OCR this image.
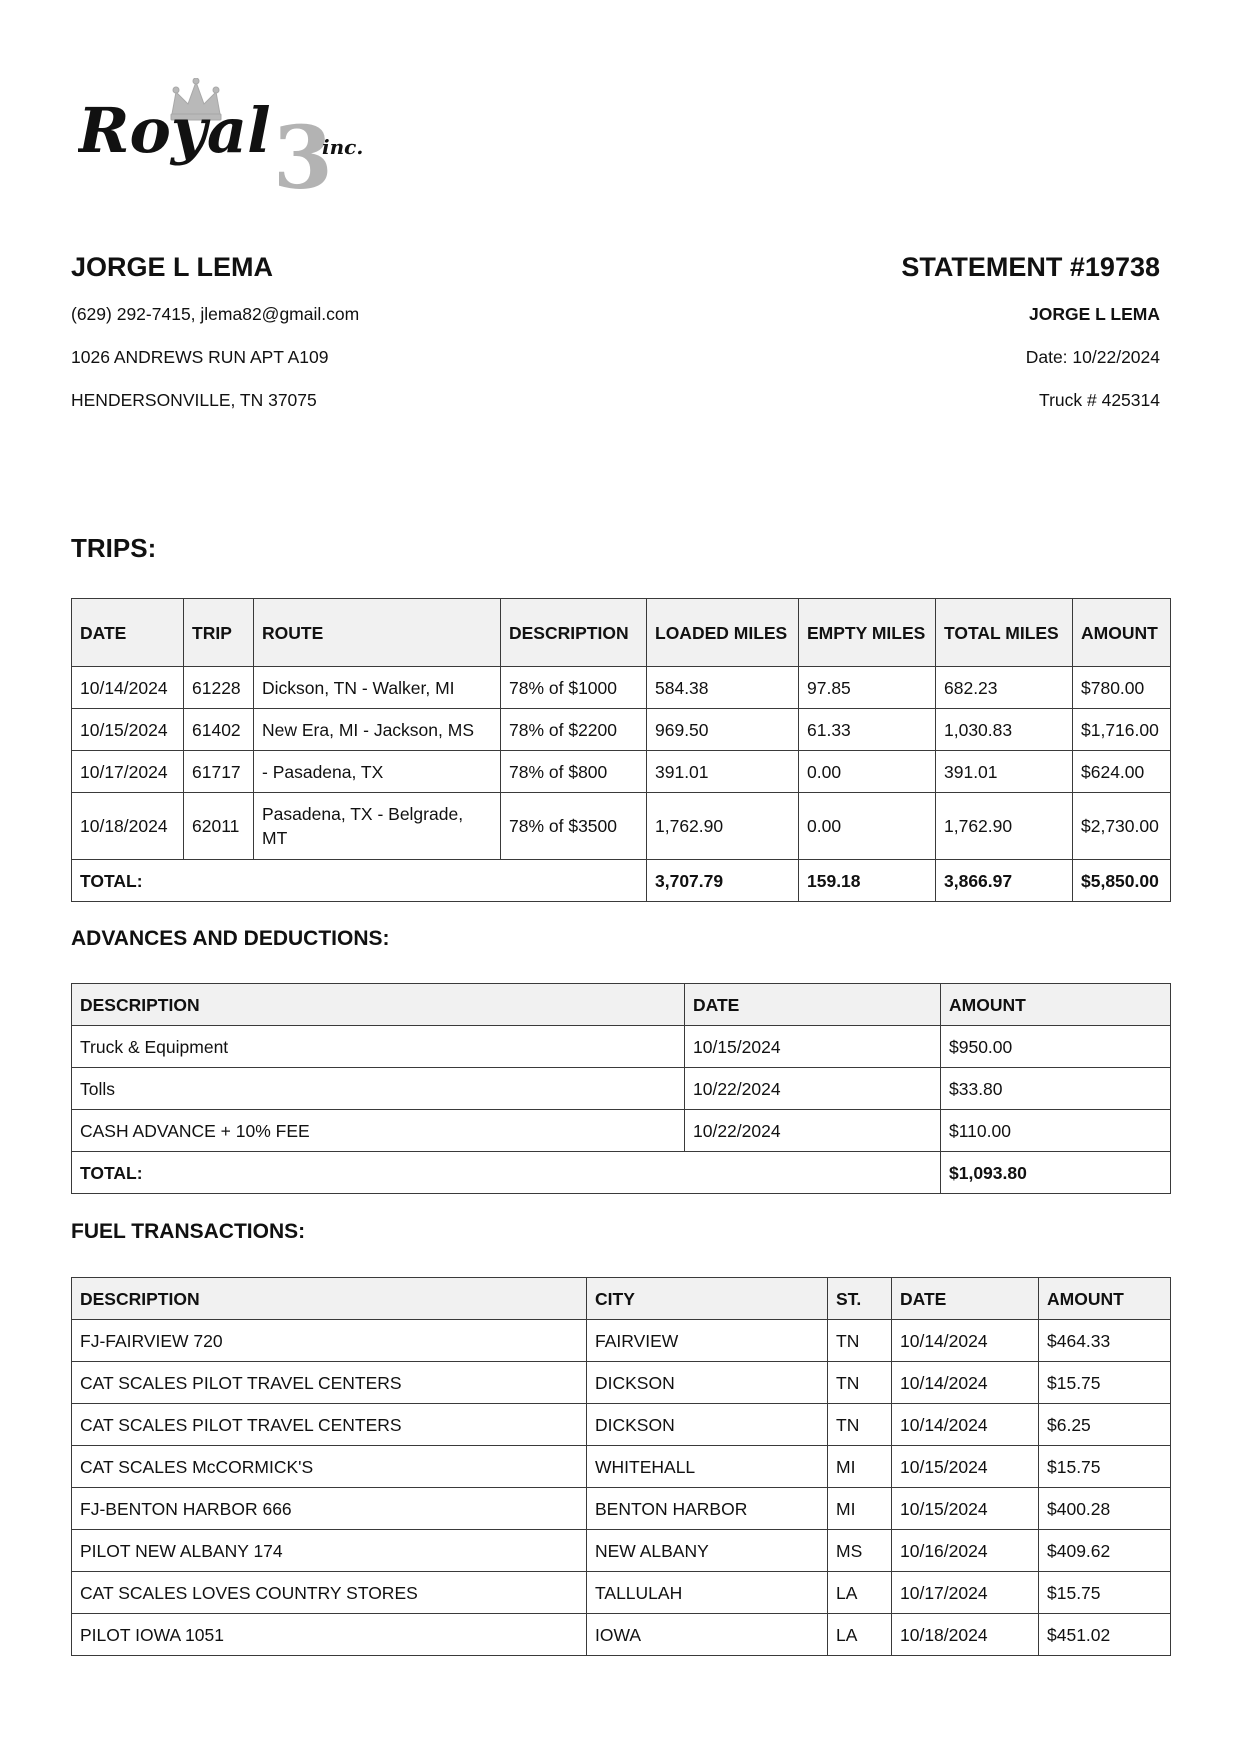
3
Royal	inc.
JORGE L LEMA
(629) 292-7415, jlema82@gmail.com
1026 ANDREWS RUN APT A109
HENDERSONVILLE, TN 37075
STATEMENT #19738
JORGE L LEMA
Date: 10/22/2024
Truck # 425314
TRIPS:
DATE	TRIP	ROUTE	DESCRIPTION	LOADED MILES	EMPTY MILES	TOTAL MILES	AMOUNT
10/14/2024	61228	Dickson, TN - Walker, MI	78% of $1000	584.38	97.85	682.23	$780.00
10/15/2024	61402	New Era, MI - Jackson, MS	78% of $2200	969.50	61.33	1,030.83	$1,716.00
10/17/2024	61717	- Pasadena, TX	78% of $800	391.01	0.00	391.01	$624.00
10/18/2024	62011	Pasadena, TX - Belgrade, MT	78% of $3500	1,762.90	0.00	1,762.90	$2,730.00
TOTAL:				3,707.79	159.18	3,866.97	$5,850.00
ADVANCES AND DEDUCTIONS:
DESCRIPTION	DATE	AMOUNT
Truck & Equipment	10/15/2024	$950.00
Tolls	10/22/2024	$33.80
CASH ADVANCE + 10% FEE	10/22/2024	$110.00
TOTAL:		$1,093.80
FUEL TRANSACTIONS:
DESCRIPTION	CITY	ST.	DATE	AMOUNT
FJ-FAIRVIEW 720	FAIRVIEW	TN	10/14/2024	$464.33
CAT SCALES PILOT TRAVEL CENTERS	DICKSON	TN	10/14/2024	$15.75
CAT SCALES PILOT TRAVEL CENTERS	DICKSON	TN	10/14/2024	$6.25
CAT SCALES McCORMICK'S	WHITEHALL	MI	10/15/2024	$15.75
FJ-BENTON HARBOR 666	BENTON HARBOR	MI	10/15/2024	$400.28
PILOT NEW ALBANY 174	NEW ALBANY	MS	10/16/2024	$409.62
CAT SCALES LOVES COUNTRY STORES	TALLULAH	LA	10/17/2024	$15.75
PILOT IOWA 1051	IOWA	LA	10/18/2024	$451.02
